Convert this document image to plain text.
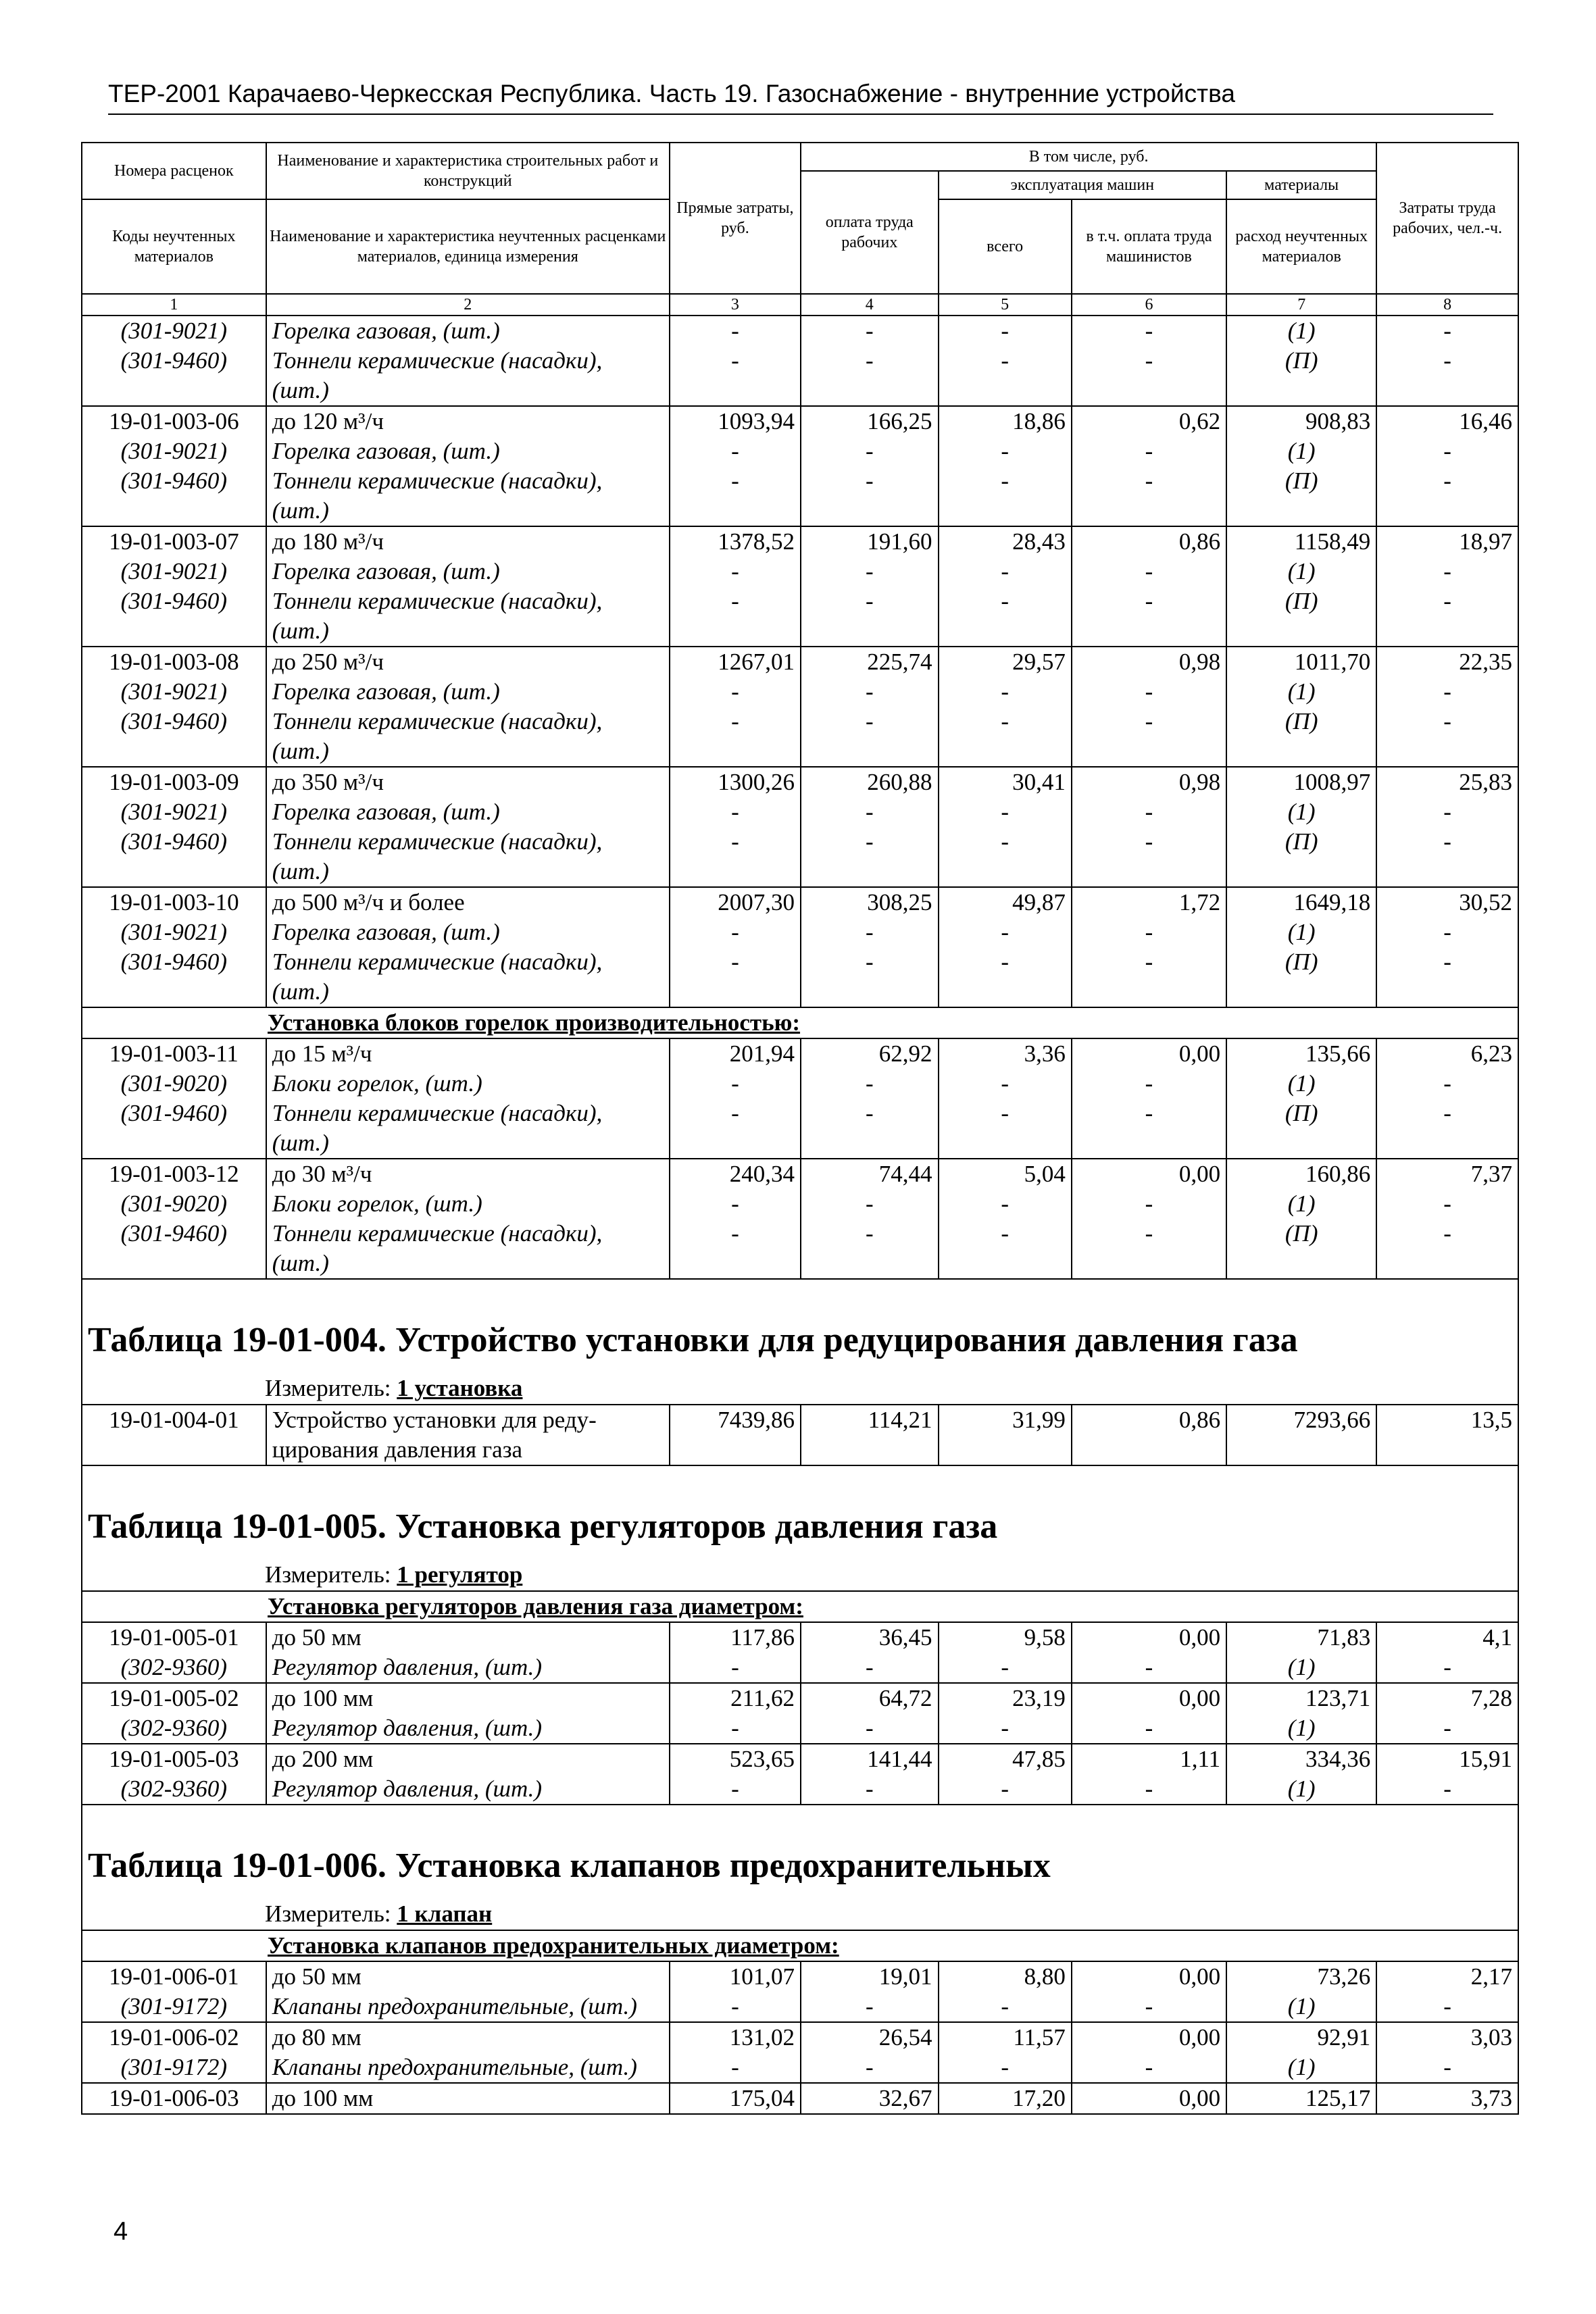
ТЕР-2001 Карачаево-Черкесская Республика. Часть 19. Газоснабжение - внутренние устройства
Номера расценок	Наименование и характеристика строительных работ и конструкций	Прямые затраты, руб.	В том числе, руб.				Затраты труда рабочих, чел.-ч.
			оплата труда рабочих	эксплуатация машин		материалы	
Коды неучтенных материалов	Наименование и характеристика неучтенных расценками материалов, единица измерения			всего	в т.ч. оплата труда машинистов	расход неучтенных материалов	

1	2	3	4	5	6	7	8
(301-9021)	Горелка газовая, (шт.)	-	-	-	-	(1)	-
(301-9460)	Тоннели керамические (насадки), (шт.)	-	-	-	-	(П)	-
19-01-003-06	до 120 м³/ч	1093,94	166,25	18,86	0,62	908,83	16,46
(301-9021)	Горелка газовая, (шт.)	-	-	-	-	(1)	-
(301-9460)	Тоннели керамические (насадки), (шт.)	-	-	-	-	(П)	-
19-01-003-07	до 180 м³/ч	1378,52	191,60	28,43	0,86	1158,49	18,97
(301-9021)	Горелка газовая, (шт.)	-	-	-	-	(1)	-
(301-9460)	Тоннели керамические (насадки), (шт.)	-	-	-	-	(П)	-
19-01-003-08	до 250 м³/ч	1267,01	225,74	29,57	0,98	1011,70	22,35
(301-9021)	Горелка газовая, (шт.)	-	-	-	-	(1)	-
(301-9460)	Тоннели керамические (насадки), (шт.)	-	-	-	-	(П)	-
19-01-003-09	до 350 м³/ч	1300,26	260,88	30,41	0,98	1008,97	25,83
(301-9021)	Горелка газовая, (шт.)	-	-	-	-	(1)	-
(301-9460)	Тоннели керамические (насадки), (шт.)	-	-	-	-	(П)	-
19-01-003-10	до 500 м³/ч и более	2007,30	308,25	49,87	1,72	1649,18	30,52
(301-9021)	Горелка газовая, (шт.)	-	-	-	-	(1)	-
(301-9460)	Тоннели керамические (насадки), (шт.)	-	-	-	-	(П)	-
Установка блоков горелок производительностью:							
19-01-003-11	до 15 м³/ч	201,94	62,92	3,36	0,00	135,66	6,23
(301-9020)	Блоки горелок, (шт.)	-	-	-	-	(1)	-
(301-9460)	Тоннели керамические (насадки), (шт.)	-	-	-	-	(П)	-
19-01-003-12	до 30 м³/ч	240,34	74,44	5,04	0,00	160,86	7,37
(301-9020)	Блоки горелок, (шт.)	-	-	-	-	(1)	-
(301-9460)	Тоннели керамические (насадки), (шт.)	-	-	-	-	(П)	-
Таблица 19-01-004. Устройство установки для редуцирования давления газа							
Измеритель: 1 установка							
19-01-004-01	Устройство установки для реду-цирования давления газа	7439,86	114,21	31,99	0,86	7293,66	13,5
Таблица 19-01-005. Установка регуляторов давления газа							
Измеритель: 1 регулятор							
Установка регуляторов давления газа диаметром:							
19-01-005-01	до 50 мм	117,86	36,45	9,58	0,00	71,83	4,1
(302-9360)	Регулятор давления, (шт.)	-	-	-	-	(1)	-
19-01-005-02	до 100 мм	211,62	64,72	23,19	0,00	123,71	7,28
(302-9360)	Регулятор давления, (шт.)	-	-	-	-	(1)	-
19-01-005-03	до 200 мм	523,65	141,44	47,85	1,11	334,36	15,91
(302-9360)	Регулятор давления, (шт.)	-	-	-	-	(1)	-
Таблица 19-01-006. Установка клапанов предохранительных							
Измеритель: 1 клапан							
Установка клапанов предохранительных диаметром:							
19-01-006-01	до 50 мм	101,07	19,01	8,80	0,00	73,26	2,17
(301-9172)	Клапаны предохранительные, (шт.)	-	-	-	-	(1)	-
19-01-006-02	до 80 мм	131,02	26,54	11,57	0,00	92,91	3,03
(301-9172)	Клапаны предохранительные, (шт.)	-	-	-	-	(1)	-
19-01-006-03	до 100 мм	175,04	32,67	17,20	0,00	125,17	3,73
4
